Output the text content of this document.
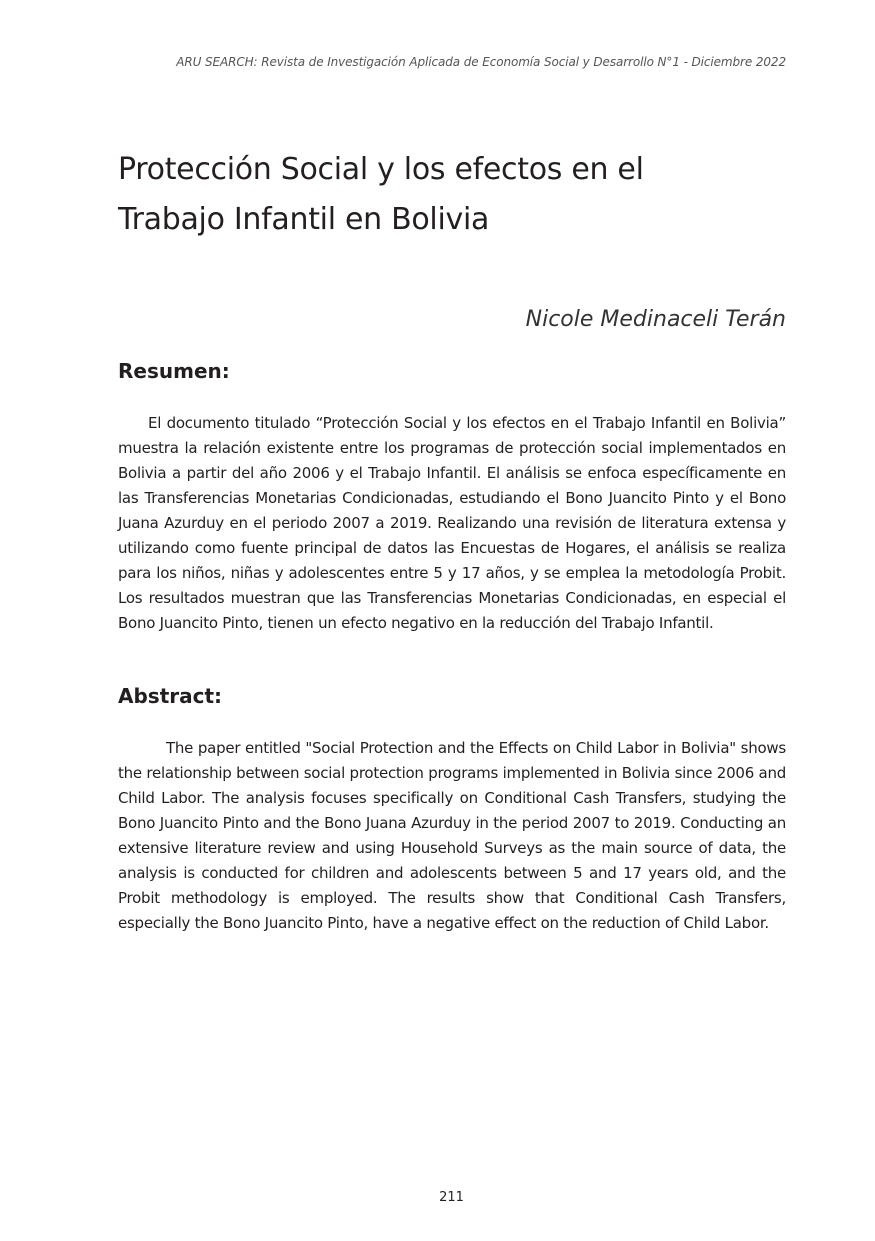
ARU SEARCH: Revista de Investigación Aplicada de Economía Social y Desarrollo N°1 - Diciembre 2022
Protección Social y los efectos en el Trabajo Infantil en Bolivia
Nicole Medinaceli Terán
Resumen:

El documento titulado “Protección Social y los efectos en el Trabajo Infantil en Bolivia” muestra la relación existente entre los programas de protección social implementados en Bolivia a partir del año 2006 y el Trabajo Infantil. El análisis se enfoca específicamente en las Transferencias Monetarias Condicionadas, estudiando el Bono Juancito Pinto y el Bono Juana Azurduy en el periodo 2007 a 2019. Realizando una revisión de literatura extensa y utilizando como fuente principal de datos las Encuestas de Hogares, el análisis se realiza para los niños, niñas y adolescentes entre 5 y 17 años, y se emplea la metodología Probit. Los resultados muestran que las Transferencias Monetarias Condicionadas, en especial el Bono Juancito Pinto, tienen un efecto negativo en la reducción del Trabajo Infantil.

Abstract:

The paper entitled "Social Protection and the Effects on Child Labor in Bolivia" shows the relationship between social protection programs implemented in Bolivia since 2006 and Child Labor. The analysis focuses specifically on Conditional Cash Transfers, studying the Bono Juancito Pinto and the Bono Juana Azurduy in the period 2007 to 2019. Conducting an extensive literature review and using Household Surveys as the main source of data, the analysis is conducted for children and adolescents between 5 and 17 years old, and the Probit methodology is employed. The results show that Conditional Cash Transfers, especially the Bono Juancito Pinto, have a negative effect on the reduction of Child Labor.

211
